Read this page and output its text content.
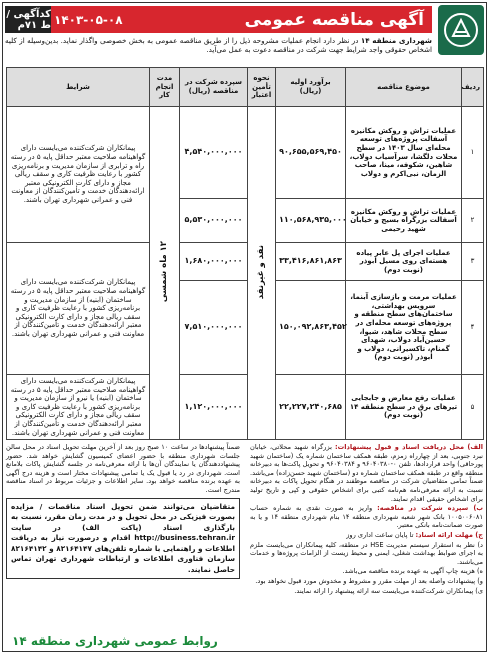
آگهی مناقصه عمومی
۱۴۰۳-۰۵-۰۸
کدآگهی / ط ۷۱م
شهرداری منطقه ۱۴ در نظر دارد انجام عملیات مشروحه ذیل را از طریق مناقصه عمومی به بخش خصوصی واگذار نماید. بدین‌وسیله از کلیه اشخاص حقوقی واجد شرایط جهت شرکت در مناقصه دعوت به عمل می‌آید.
ردیف	موضوع مناقصه	برآورد اولیه (ریال)	نحوه تأمین اعتبار	سپرده شرکت در مناقصه (ریال)	مدت انجام کار	شرایط
۱	عملیات تراش و روکش مکانیزه آسفالت پروژه‌های توسعه محله‌ای سال ۱۴۰۳ در سطح محلات دلگشا، سرآسیاب دولاب، شاهین، شکوفه، مینا، صاحب الزمان، نبی‌اکرم و دولاب	۹۰,۶۵۵,۵۶۹,۴۵۰	نقد و غیرنقد	۴,۵۴۰,۰۰۰,۰۰۰	۱۲ ماه شمسی	پیمانکاران شرکت‌کننده می‌بایست دارای گواهینامه صلاحیت معتبر حداقل پایه ۵ در رسته راه و ترابری از سازمان مدیریت و برنامه‌ریزی کشور با رعایت ظرفیت کاری و سقف ریالی مجاز و دارای کارت الکترونیکی معتبر ارائه‌دهندگان خدمت و تأمین‌کنندگان از معاونت فنی و عمرانی شهرداری تهران باشند.
۲	عملیات تراش و روکش مکانیزه آسفالت بزرگراه بسیج و خیابان شهید رحیمی	۱۱۰,۵۶۸,۹۳۵,۰۰۰		۵,۵۳۰,۰۰۰,۰۰۰		
۳	عملیات اجرای پل عابر پیاده هسته‌ای روی مسیل ابوذر (نوبت دوم)	۳۳,۴۱۶,۸۶۱,۸۶۳		۱,۶۸۰,۰۰۰,۰۰۰		پیمانکاران شرکت‌کننده می‌بایست دارای گواهینامه صلاحیت معتبر حداقل پایه ۵ در رسته ساختمان (ابنیه) از سازمان مدیریت و برنامه‌ریزی کشور با رعایت ظرفیت کاری و سقف ریالی مجاز و دارای کارت الکترونیکی معتبر ارائه‌دهندگان خدمت و تأمین‌کنندگان از معاونت فنی و عمرانی شهرداری تهران باشند.
۴	عملیات مرمت و بازسازی آبنما، سرویس بهداشتی، ساختمان‌های سطح منطقه و پروژه‌های توسعه محله‌ای در سطح محلات شاهد، شیوا، حسین‌آباد دولاب، شهدای گمنام، تاکسیرانی، دولاب و ابوذر (نوبت دوم)	۱۵۰,۰۹۲,۸۶۳,۴۵۲		۷,۵۱۰,۰۰۰,۰۰۰		
۵	عملیات رفع معارض و جابجایی تیرهای برق در سطح منطقه ۱۴ (نوبت دوم)	۲۲,۲۲۷,۲۴۰,۶۸۵		۱,۱۲۰,۰۰۰,۰۰۰		پیمانکاران شرکت‌کننده می‌بایست دارای گواهینامه صلاحیت معتبر حداقل پایه ۵ در رسته ساختمان (ابنیه) یا نیرو از سازمان مدیریت و برنامه‌ریزی کشور با رعایت ظرفیت کاری و سقف ریالی مجاز و دارای کارت الکترونیکی معتبر ارائه‌دهندگان خدمت و تأمین‌کنندگان از معاونت فنی و عمرانی شهرداری تهران باشند.

الف) محل دریافت اسناد و قبول پیشنهادات: بزرگراه شهید محلاتی، خیابان نبرد جنوبی، بعد از چهارراه زمزم، طبقه همکف ساختمان شماره یک (ساختمان شهید پورحاقی) واحد قراردادها، تلفن ۰-۹۶۰۴۰۳۸۰ و ۹۶۰۴۰۳۸۴ و تحویل پاکت‌ها به دبیرخانه منطقه واقع در طبقه همکف ساختمان شماره دو (ساختمان شهید حسن‌زاده) می‌باشد. ضمناً تمامی متقاضیان شرکت در مناقصه موظفند در هنگام تحویل پاکات به دبیرخانه نسبت به ارائه معرفی‌نامه هم‌نامه کتبی برای اشخاص حقوقی و کپی و تاریخ تولید برای اشخاص حقیقی اقدام نمایند.

ب) سپرده شرکت در مناقصه: واریز به صورت نقدی به شماره حساب ۱۰۰۵۰۰۶۰۸۱ بانک شهر شعبه شهرداری منطقه ۱۴ بنام شهرداری منطقه ۱۴ و یا به صورت ضمانت‌نامه بانکی معتبر.

ج) مهلت ارائه اسناد: تا پایان ساعت اداری روز

د) نظر به استقرار سیستم مدیریت HSE در منطقه، کلیه پیمانکاران می‌بایست ملزم به اجرای ضوابط بهداشت شغلی، ایمنی و محیط زیست از الزامات پروژه‌ها و خدمات می‌باشند.

ه) هزینه چاپ آگهی به عهده برنده مناقصه می‌باشد.

و) پیشنهادات واصله بعد از مهلت مقرر و مشروط و مخدوش مورد قبول نخواهد بود.

ی) پیمانکاران شرکت‌کننده می‌بایست سه ارائه پیشنهاد را ارائه نمایند.

ضمناً پیشنهادها در ساعت ۱۰ صبح روز بعد از آخرین مهلت تحویل اسناد در محل سالن جلسات شهرداری منطقه با حضور اعضای کمیسیون گشایش خواهد شد. حضور پیشنهاددهندگان یا نمایندگان آن‌ها با ارائه معرفی‌نامه در جلسه گشایش پاکات بلامانع است. شهرداری در رد یا قبول یک یا تمامی پیشنهادات مختار است و هزینه درج آگهی به عهده برنده مناقصه خواهد بود. سایر اطلاعات و جزئیات مربوط در اسناد مناقصه مندرج است.

متقاضیان می‌توانند ضمن تحویل اسناد مناقصات / مزایده بصورت فیزیکی در محل تحویل و در مدت زمان مقرر، نسبت به بارگذاری اسناد (پاکت الف) در سایت http://business.tehran.ir اقدام و درصورت نیاز به دریافت اطلاعات و راهنمایی با شماره تلفن‌های ۸۲۱۶۴۱۴۷ و ۸۲۱۶۴۱۴۲ سازمان فناوری اطلاعات و ارتباطات شهرداری تهران تماس حاصل نمایند.
روابط عمومی شهرداری منطقه ۱۴
